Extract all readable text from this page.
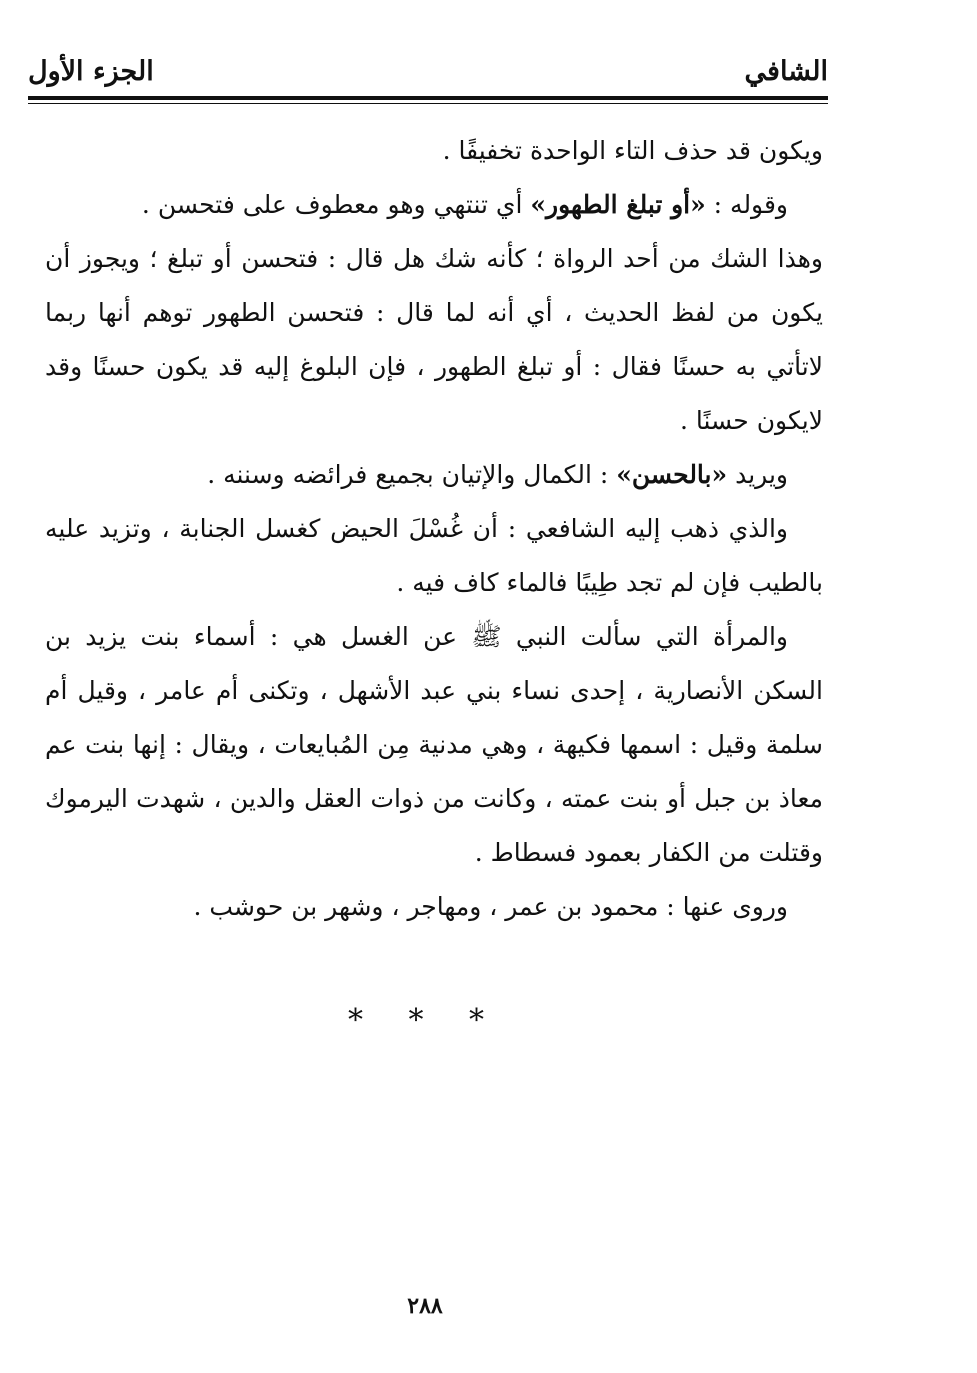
الشافي
الجزء الأول

ويكون قد حذف التاء الواحدة تخفيفًا .

وقوله : «أو تبلغ الطهور» أي تنتهي وهو معطوف على فتحسن .

وهذا الشك من أحد الرواة ؛ كأنه شك هل قال : فتحسن أو تبلغ ؛ ويجوز أن يكون من لفظ الحديث ، أي أنه لما قال : فتحسن الطهور توهم أنها ربما لاتأتي به حسنًا فقال : أو تبلغ الطهور ، فإن البلوغ إليه قد يكون حسنًا وقد لايكون حسنًا .

ويريد «بالحسن» : الكمال والإتيان بجميع فرائضه وسننه .

والذي ذهب إليه الشافعي : أن غُسْلَ الحيض كغسل الجنابة ، وتزيد عليه بالطيب فإن لم تجد طِيبًا فالماء كاف فيه .

والمرأة التي سألت النبي ﷺ عن الغسل هي : أسماء بنت يزيد بن السكن الأنصارية ، إحدى نساء بني عبد الأشهل ، وتكنى أم عامر ، وقيل أم سلمة وقيل : اسمها فكيهة ، وهي مدنية مِن المُبايعات ، ويقال : إنها بنت عم معاذ بن جبل أو بنت عمته ، وكانت من ذوات العقل والدين ، شهدت اليرموك وقتلت من الكفار بعمود فسطاط .

وروى عنها : محمود بن عمر ، ومهاجر ، وشهر بن حوشب .

* * *
٢٨٨
